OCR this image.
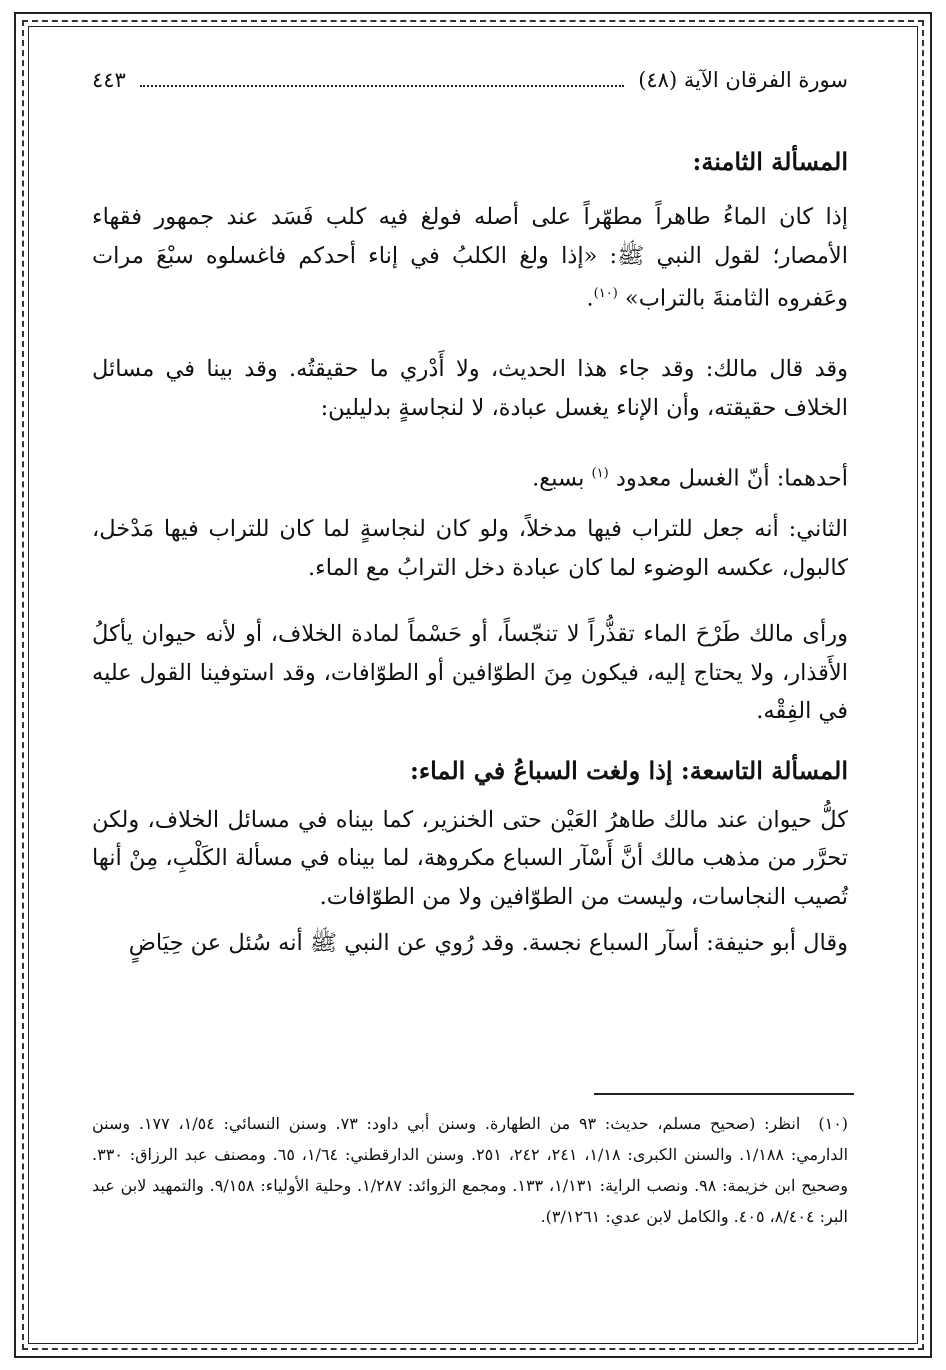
سورة الفرقان الآية (٤٨)
٤٤٣
المسألة الثامنة:

إذا كان الماءُ طاهراً مطهّراً على أصله فولغ فيه كلب فَسَد عند جمهور فقهاء الأمصار؛ لقول النبي ﷺ: «إذا ولغ الكلبُ في إناء أحدكم فاغسلوه سبْعَ مرات وعَفروه الثامنةَ بالتراب» $^{(١٠)}$.

وقد قال مالك: وقد جاء هذا الحديث، ولا أَدْري ما حقيقتُه. وقد بينا في مسائل الخلاف حقيقته، وأن الإناء يغسل عبادة، لا لنجاسةٍ بدليلين:

أحدهما: أنّ الغسل معدود $^{(١)}$ بسبع.

الثاني: أنه جعل للتراب فيها مدخلاً، ولو كان لنجاسةٍ لما كان للتراب فيها مَدْخل، كالبول، عكسه الوضوء لما كان عبادة دخل الترابُ مع الماء.

ورأى مالك طَرْحَ الماء تقذُّراً لا تنجّساً، أو حَسْماً لمادة الخلاف، أو لأنه حيوان يأكلُ الأَقذار، ولا يحتاج إليه، فيكون مِنَ الطوّافين أو الطوّافات، وقد استوفينا القول عليه في الفِقْه.

المسألة التاسعة: إذا ولغت السباعُ في الماء:

كلُّ حيوان عند مالك طاهرُ العَيْن حتى الخنزير، كما بيناه في مسائل الخلاف، ولكن تحرَّر من مذهب مالك أنَّ أَسْآر السباع مكروهة، لما بيناه في مسألة الكَلْبِ، مِنْ أنها تُصيب النجاسات، وليست من الطوّافين ولا من الطوّافات.

وقال أبو حنيفة: أسآر السباع نجسة. وقد رُوي عن النبي ﷺ أنه سُئل عن حِيَاضٍ

(١٠)انظر: (صحيح مسلم، حديث: ٩٣ من الطهارة. وسنن أبي داود: ٧٣. وسنن النسائي: ١/٥٤، ١٧٧. وسنن الدارمي: ١/١٨٨. والسنن الكبرى: ١/١٨، ٢٤١، ٢٤٢، ٢٥١. وسنن الدارقطني: ١/٦٤، ٦٥. ومصنف عبد الرزاق: ٣٣٠. وصحيح ابن خزيمة: ٩٨. ونصب الراية: ١/١٣١، ١٣٣. ومجمع الزوائد: ١/٢٨٧. وحلية الأولياء: ٩/١٥٨. والتمهيد لابن عبد البر: ٨/٤٠٤، ٤٠٥. والكامل لابن عدي: ٣/١٢٦١).
